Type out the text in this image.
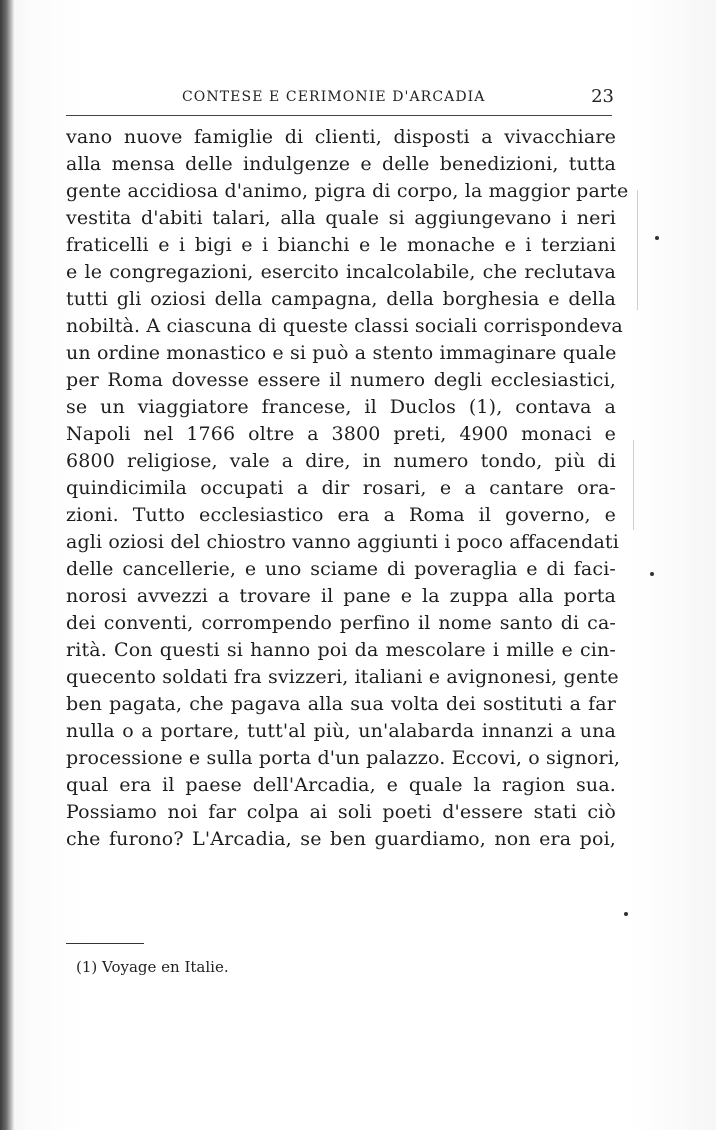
CONTESE E CERIMONIE D'ARCADIA	23
vano nuove famiglie di clienti, disposti a vivacchiare
alla mensa delle indulgenze e delle benedizioni, tutta
gente accidiosa d'animo, pigra di corpo, la maggior parte
vestita d'abiti talari, alla quale si aggiungevano i neri
fraticelli e i bigi e i bianchi e le monache e i terziani
e le congregazioni, esercito incalcolabile, che reclutava
tutti gli oziosi della campagna, della borghesia e della
nobiltà. A ciascuna di queste classi sociali corrispondeva
un ordine monastico e si può a stento immaginare quale
per Roma dovesse essere il numero degli ecclesiastici,
se un viaggiatore francese, il Duclos (1), contava a
Napoli nel 1766 oltre a 3800 preti, 4900 monaci e
6800 religiose, vale a dire, in numero tondo, più di
quindicimila occupati a dir rosari, e a cantare ora-
zioni. Tutto ecclesiastico era a Roma il governo, e
agli oziosi del chiostro vanno aggiunti i poco affacendati
delle cancellerie, e uno sciame di poveraglia e di faci-
norosi avvezzi a trovare il pane e la zuppa alla porta
dei conventi, corrompendo perfino il nome santo di ca-
rità. Con questi si hanno poi da mescolare i mille e cin-
quecento soldati fra svizzeri, italiani e avignonesi, gente
ben pagata, che pagava alla sua volta dei sostituti a far
nulla o a portare, tutt'al più, un'alabarda innanzi a una
processione e sulla porta d'un palazzo. Eccovi, o signori,
qual era il paese dell'Arcadia, e quale la ragion sua.
Possiamo noi far colpa ai soli poeti d'essere stati ciò
che furono? L'Arcadia, se ben guardiamo, non era poi,
(1) Voyage en Italie.
